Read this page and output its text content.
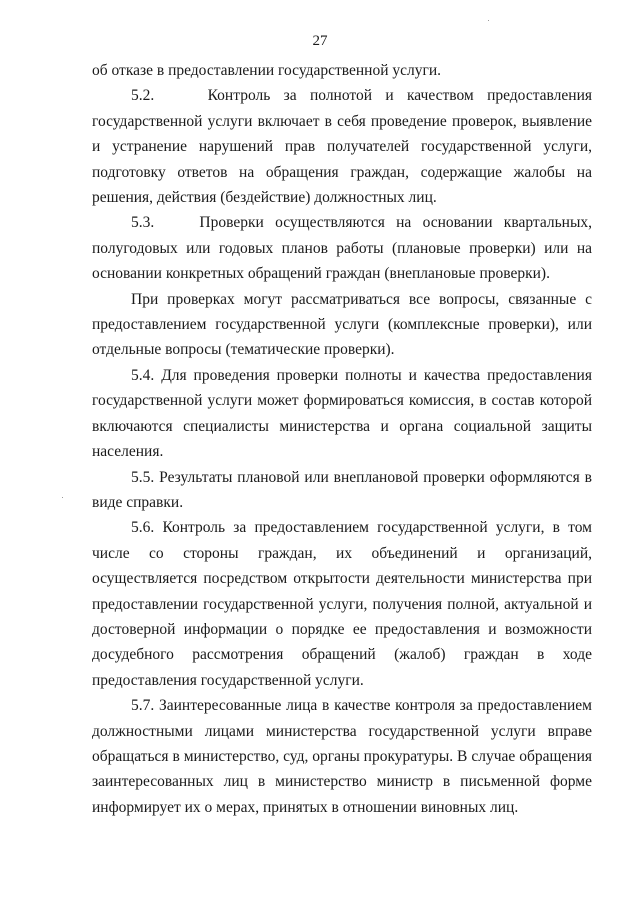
27

об отказе в предоставлении государственной услуги.

5.2.    Контроль за полнотой и качеством предоставления государственной услуги включает в себя проведение проверок, выявление и устранение нарушений прав получателей государственной услуги, подготовку ответов на обращения граждан, содержащие жалобы на решения, действия (бездействие) должностных лиц.

5.3.    Проверки осуществляются на основании квартальных, полугодовых или годовых планов работы (плановые проверки) или на основании конкретных обращений граждан (внеплановые проверки).

При проверках могут рассматриваться все вопросы, связанные с предоставлением государственной услуги (комплексные проверки), или отдельные вопросы (тематические проверки).

5.4. Для проведения проверки полноты и качества предоставления государственной услуги может формироваться комиссия, в состав которой включаются специалисты министерства и органа социальной защиты населения.

5.5. Результаты плановой или внеплановой проверки оформляются в виде справки.

5.6. Контроль за предоставлением государственной услуги, в том числе со стороны граждан, их объединений и организаций, осуществляется посредством открытости деятельности министерства при предоставлении государственной услуги, получения полной, актуальной и достоверной информации о порядке ее предоставления и возможности досудебного рассмотрения обращений (жалоб) граждан в ходе предоставления государственной услуги.

5.7. Заинтересованные лица в качестве контроля за предоставлением должностными лицами министерства государственной услуги вправе обращаться в министерство, суд, органы прокуратуры. В случае обращения заинтересованных лиц в министерство министр в письменной форме информирует их о мерах, принятых в отношении виновных лиц.
